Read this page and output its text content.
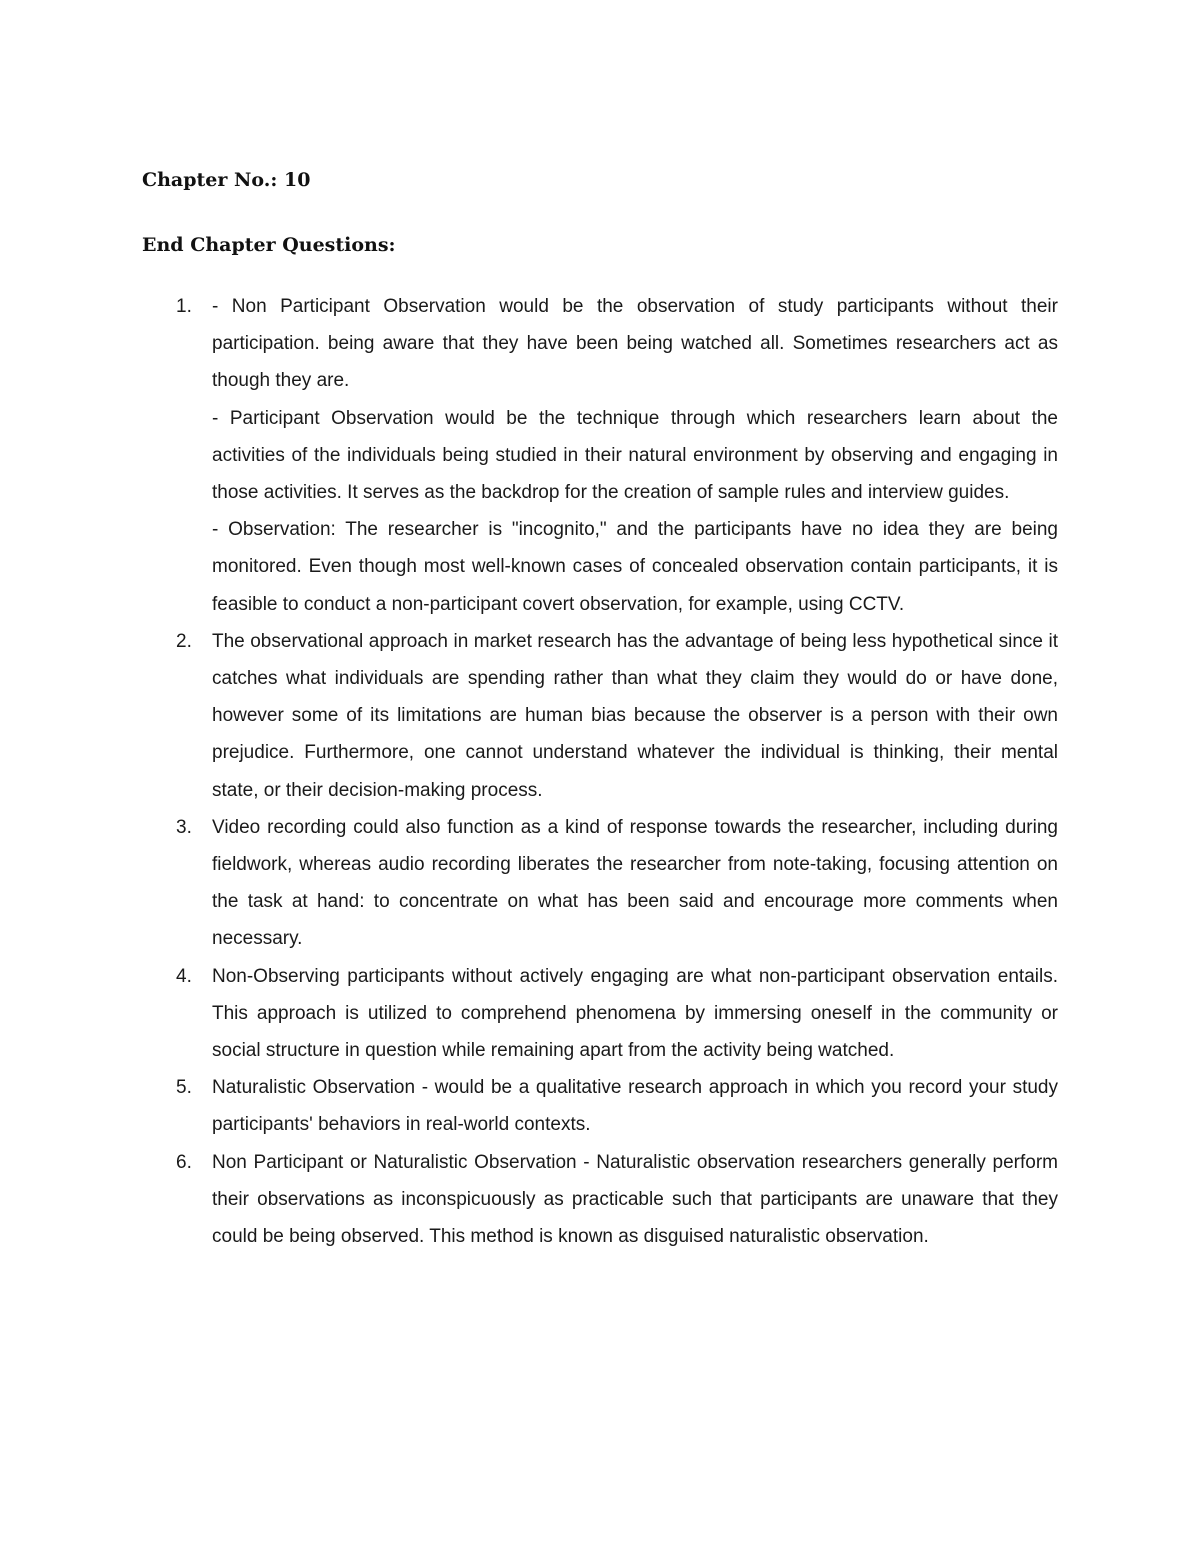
Chapter No.: 10
End Chapter Questions:
1. - Non Participant Observation would be the observation of study participants without their participation. being aware that they have been being watched all. Sometimes researchers act as though they are.

- Participant Observation would be the technique through which researchers learn about the activities of the individuals being studied in their natural environment by observing and engaging in those activities. It serves as the backdrop for the creation of sample rules and interview guides.

- Observation: The researcher is "incognito," and the participants have no idea they are being monitored. Even though most well-known cases of concealed observation contain participants, it is feasible to conduct a non-participant covert observation, for example, using CCTV.

2. The observational approach in market research has the advantage of being less hypothetical since it catches what individuals are spending rather than what they claim they would do or have done, however some of its limitations are human bias because the observer is a person with their own prejudice. Furthermore, one cannot understand whatever the individual is thinking, their mental state, or their decision-making process.

3. Video recording could also function as a kind of response towards the researcher, including during fieldwork, whereas audio recording liberates the researcher from note-taking, focusing attention on the task at hand: to concentrate on what has been said and encourage more comments when necessary.

4. Non-Observing participants without actively engaging are what non-participant observation entails. This approach is utilized to comprehend phenomena by immersing oneself in the community or social structure in question while remaining apart from the activity being watched.

5. Naturalistic Observation - would be a qualitative research approach in which you record your study participants' behaviors in real-world contexts.

6. Non Participant or Naturalistic Observation - Naturalistic observation researchers generally perform their observations as inconspicuously as practicable such that participants are unaware that they could be being observed. This method is known as disguised naturalistic observation.
